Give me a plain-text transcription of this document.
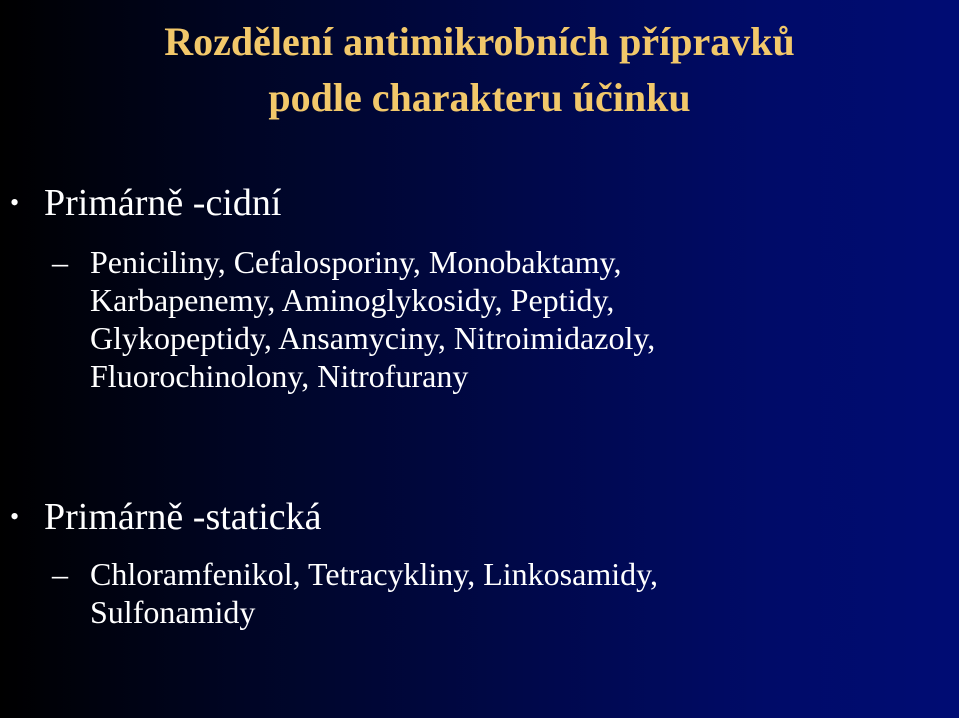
Rozdělení antimikrobních přípravků
podle charakteru účinku
• Primárně -cidní
– Peniciliny, Cefalosporiny, Monobaktamy,
Karbapenemy, Aminoglykosidy, Peptidy,
Glykopeptidy, Ansamyciny, Nitroimidazoly,
Fluorochinolony, Nitrofurany
• Primárně -statická
– Chloramfenikol, Tetracykliny, Linkosamidy,
Sulfonamidy
